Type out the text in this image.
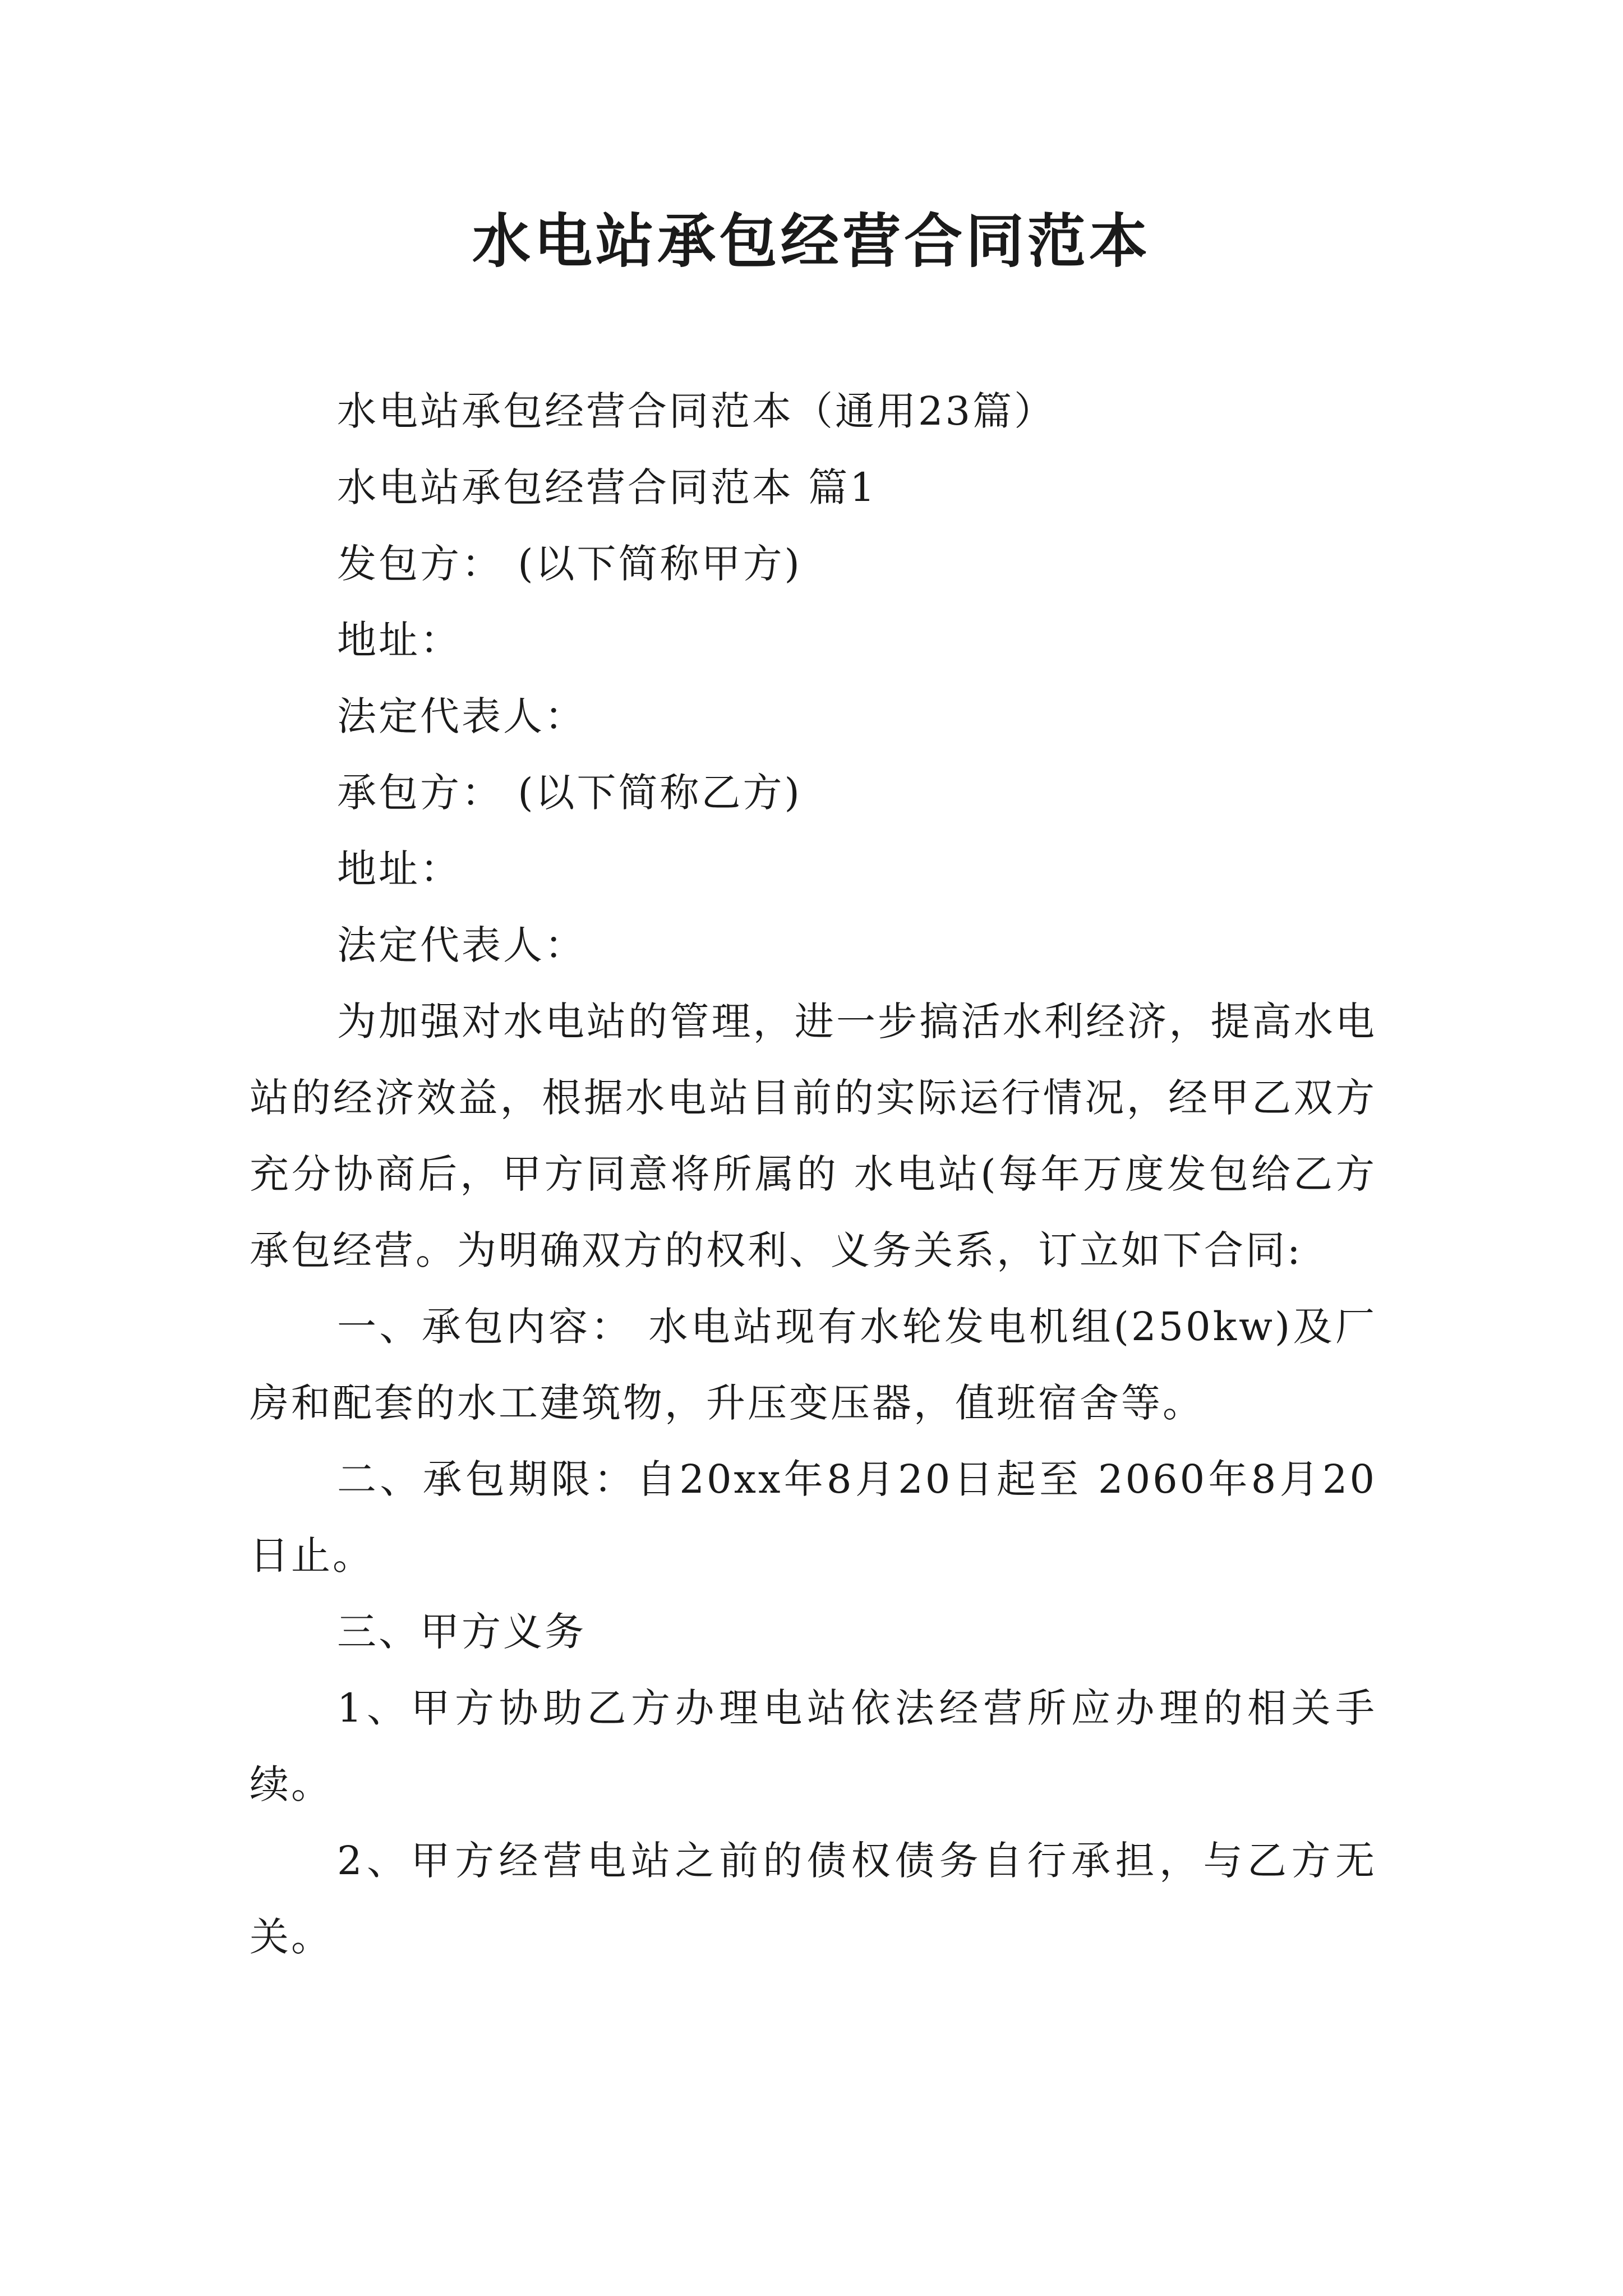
水电站承包经营合同范本

水电站承包经营合同范本（通用23篇）

水电站承包经营合同范本 篇1

发包方： (以下简称甲方)

地址：

法定代表人：

承包方： (以下简称乙方)

地址：

法定代表人：

为加强对水电站的管理，进一步搞活水利经济，提高水电站的经济效益，根据水电站目前的实际运行情况，经甲乙双方充分协商后，甲方同意将所属的 水电站(每年万度发包给乙方承包经营。为明确双方的权利、义务关系，订立如下合同:

一、承包内容： 水电站现有水轮发电机组(250kw)及厂房和配套的水工建筑物，升压变压器，值班宿舍等。

二、承包期限：自20xx年8月20日起至 2060年8月20日止。

三、甲方义务

1、甲方协助乙方办理电站依法经营所应办理的相关手续。

2、甲方经营电站之前的债权债务自行承担，与乙方无关。
